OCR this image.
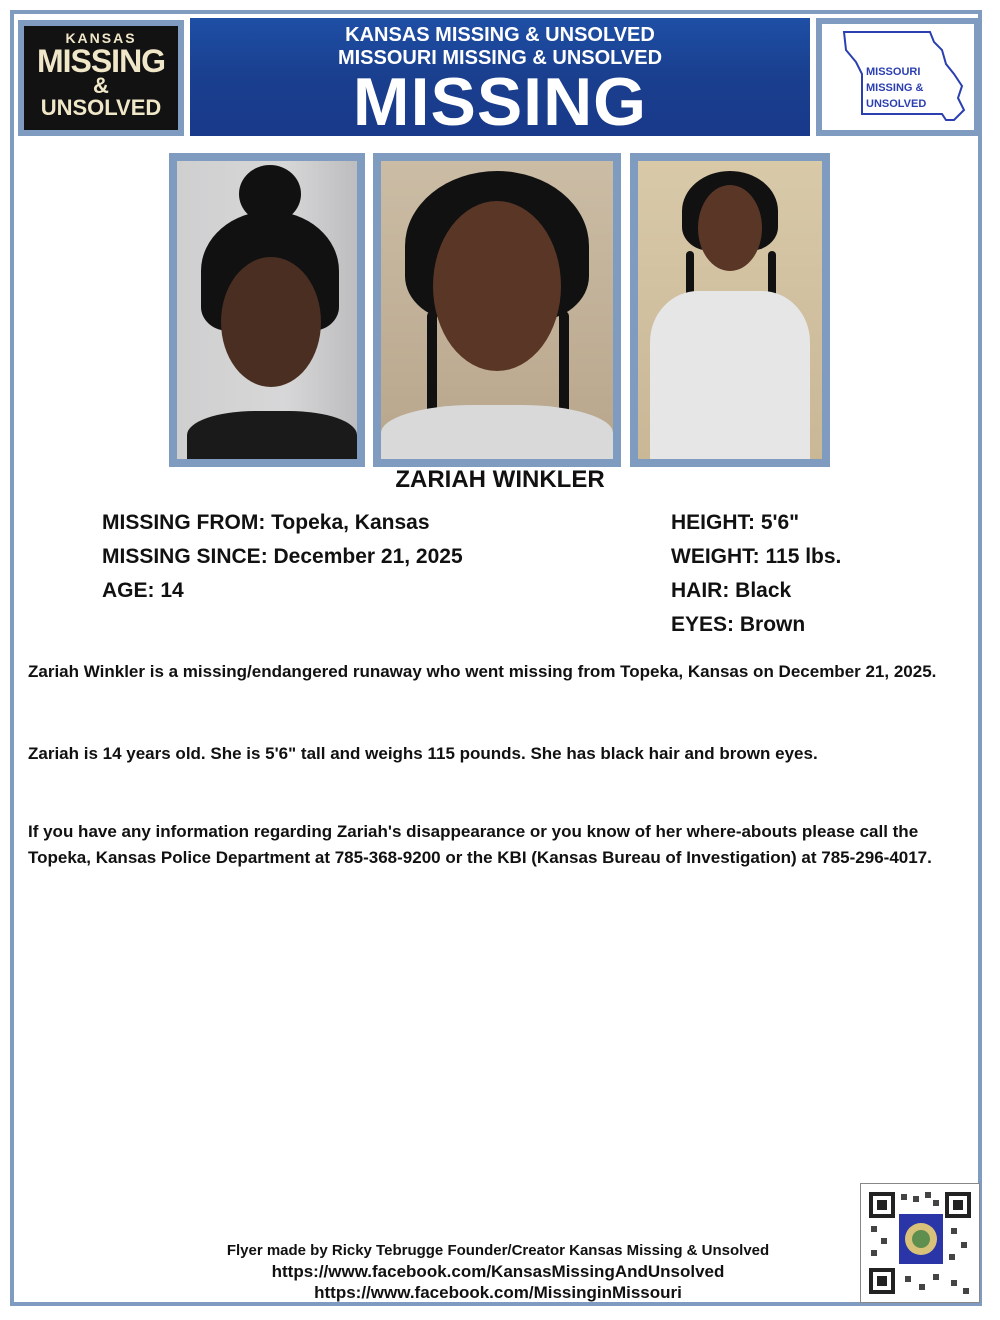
KANSAS
MISSING
&
UNSOLVED
KANSAS MISSING & UNSOLVED
MISSOURI MISSING & UNSOLVED
MISSING	MISSOURI
MISSING &
UNSOLVED
ZARIAH WINKLER
MISSING FROM: Topeka, Kansas
MISSING SINCE: December 21, 2025
AGE: 14
HEIGHT: 5'6"
WEIGHT: 115 lbs.
HAIR: Black
EYES: Brown
Zariah Winkler is a missing/endangered runaway who went missing from Topeka, Kansas on December 21, 2025.
Zariah is 14 years old. She is 5'6" tall and weighs 115 pounds. She has black hair and brown eyes.
If you have any information regarding Zariah's disappearance or you know of her where-abouts please call the Topeka, Kansas Police Department at 785-368-9200 or the KBI (Kansas Bureau of Investigation) at 785-296-4017.
Flyer made by Ricky Tebrugge Founder/Creator Kansas Missing & Unsolved
https://www.facebook.com/KansasMissingAndUnsolved
https://www.facebook.com/MissinginMissouri
